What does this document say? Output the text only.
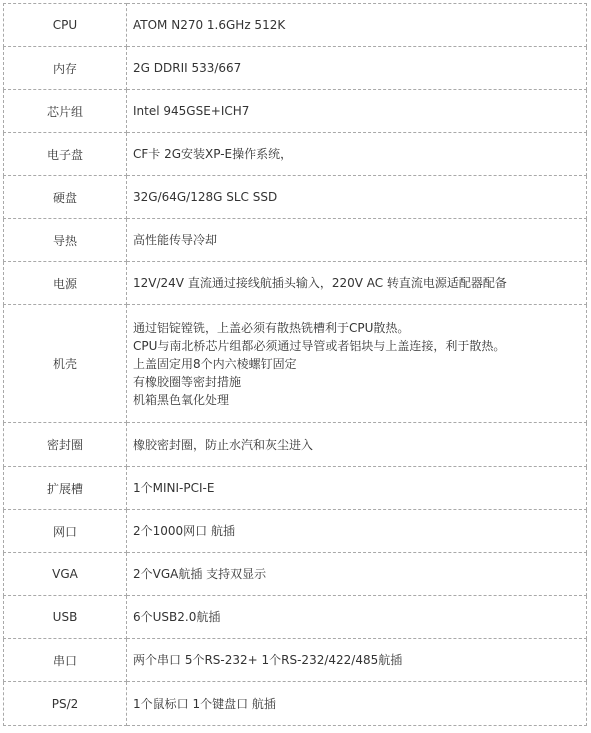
CPU	ATOM N270 1.6GHz 512K

内存	2G DDRII 533/667

芯片组	Intel 945GSE+ICH7

电子盘	CF卡 2G安装XP-E操作系统，

硬盘	32G/64G/128G SLC SSD

导热	高性能传导冷却

电源	12V/24V 直流通过接线航插头输入，220V AC 转直流电源适配器配备

机壳	通过铝锭镗铣，上盖必须有散热铣槽利于CPU散热。
CPU与南北桥芯片组都必须通过导管或者铝块与上盖连接，利于散热。
上盖固定用8个内六棱螺钉固定
有橡胶圈等密封措施
机箱黑色氧化处理

密封圈	橡胶密封圈，防止水汽和灰尘进入

扩展槽	1个MINI-PCI-E

网口	2个1000网口 航插

VGA	2个VGA航插 支持双显示

USB	6个USB2.0航插

串口	两个串口 5个RS-232+ 1个RS-232/422/485航插

PS/2	1个鼠标口 1个键盘口 航插
